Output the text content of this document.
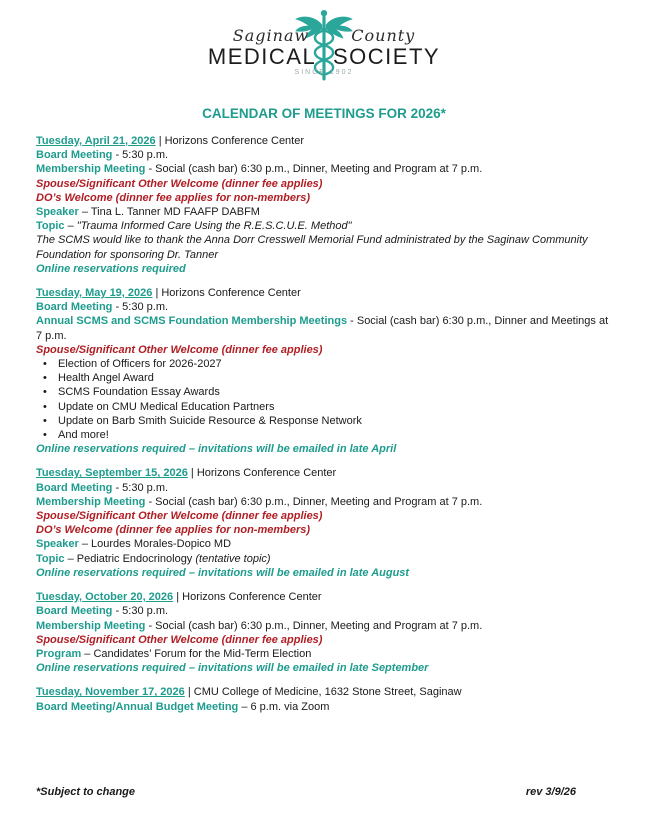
Saginaw County
MEDICAL SOCIETY
SINCE 1902
CALENDAR OF MEETINGS FOR 2026*
Tuesday, April 21, 2026 | Horizons Conference Center
Board Meeting - 5:30 p.m.
Membership Meeting - Social (cash bar) 6:30 p.m., Dinner, Meeting and Program at 7 p.m.
Spouse/Significant Other Welcome (dinner fee applies)
DO’s Welcome (dinner fee applies for non-members)
Speaker – Tina L. Tanner MD FAAFP DABFM
Topic – "Trauma Informed Care Using the R.E.S.C.U.E. Method"
The SCMS would like to thank the Anna Dorr Cresswell Memorial Fund administrated by the Saginaw Community Foundation for sponsoring Dr. Tanner
Online reservations required
Tuesday, May 19, 2026 | Horizons Conference Center
Board Meeting - 5:30 p.m.
Annual SCMS and SCMS Foundation Membership Meetings - Social (cash bar) 6:30 p.m., Dinner and Meetings at 7 p.m.
Spouse/Significant Other Welcome (dinner fee applies)
• Election of Officers for 2026-2027
• Health Angel Award
• SCMS Foundation Essay Awards
• Update on CMU Medical Education Partners
• Update on Barb Smith Suicide Resource & Response Network
• And more!
Online reservations required – invitations will be emailed in late April
Tuesday, September 15, 2026 | Horizons Conference Center
Board Meeting - 5:30 p.m.
Membership Meeting - Social (cash bar) 6:30 p.m., Dinner, Meeting and Program at 7 p.m.
Spouse/Significant Other Welcome (dinner fee applies)
DO’s Welcome (dinner fee applies for non-members)
Speaker – Lourdes Morales-Dopico MD
Topic – Pediatric Endocrinology (tentative topic)
Online reservations required – invitations will be emailed in late August
Tuesday, October 20, 2026 | Horizons Conference Center
Board Meeting - 5:30 p.m.
Membership Meeting - Social (cash bar) 6:30 p.m., Dinner, Meeting and Program at 7 p.m.
Spouse/Significant Other Welcome (dinner fee applies)
Program – Candidates’ Forum for the Mid-Term Election
Online reservations required – invitations will be emailed in late September
Tuesday, November 17, 2026 | CMU College of Medicine, 1632 Stone Street, Saginaw
Board Meeting/Annual Budget Meeting – 6 p.m. via Zoom
*Subject to change	rev 3/9/26
